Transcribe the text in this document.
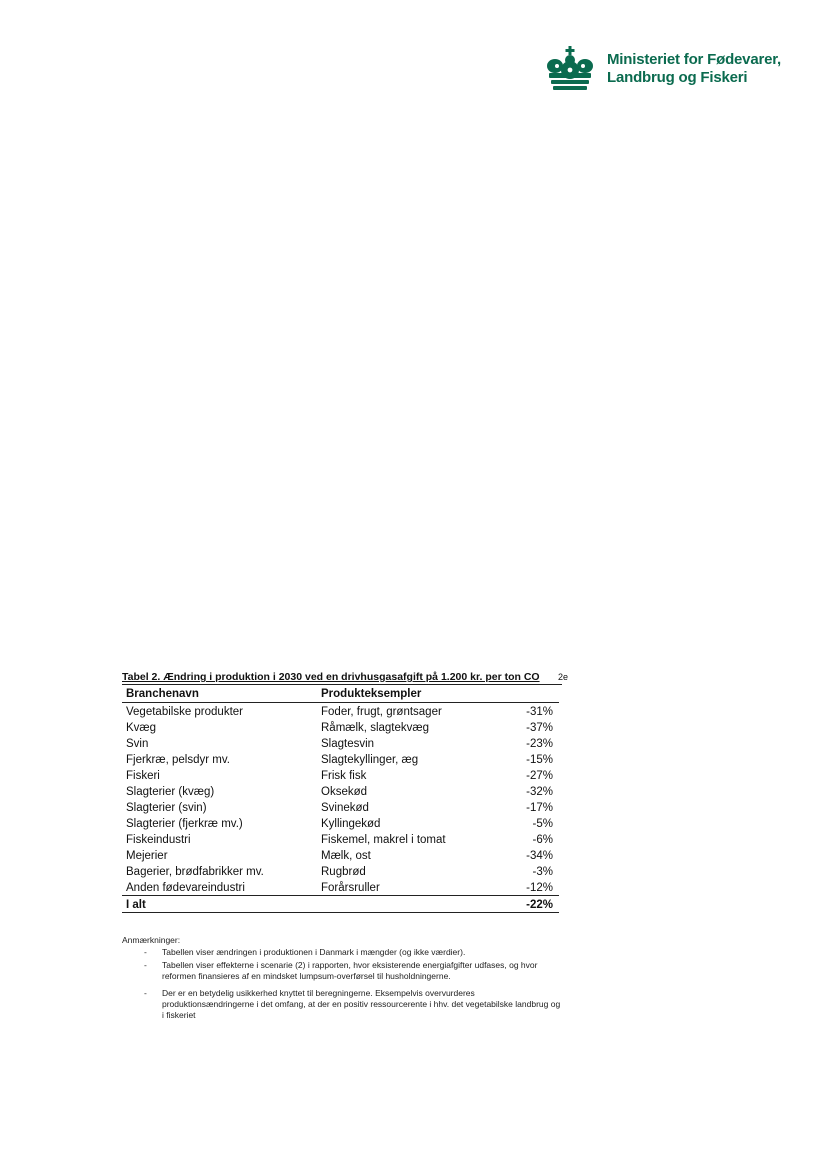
Ministeriet for Fødevarer,
Landbrug og Fiskeri
Tabel 2. Ændring i produktion i 2030 ved en drivhusgasafgift på 1.200 kr. per ton CO 2e
Branchenavn	Produkteksempler	
Vegetabilske produkter	Foder, frugt, grøntsager	-31%
Kvæg	Råmælk, slagtekvæg	-37%
Svin	Slagtesvin	-23%
Fjerkræ, pelsdyr mv.	Slagtekyllinger, æg	-15%
Fiskeri	Frisk fisk	-27%
Slagterier (kvæg)	Oksekød	-32%
Slagterier (svin)	Svinekød	-17%
Slagterier (fjerkræ mv.)	Kyllingekød	-5%
Fiskeindustri	Fiskemel, makrel i tomat	-6%
Mejerier	Mælk, ost	-34%
Bagerier, brødfabrikker mv.	Rugbrød	-3%
Anden fødevareindustri	Forårsruller	-12%
I alt		-22%
Anmærkninger:
- Tabellen viser ændringen i produktionen i Danmark i mængder (og ikke værdier).
- Tabellen viser effekterne i scenarie (2) i rapporten, hvor eksisterende energiafgifter udfases, og hvor reformen finansieres af en mindsket lumpsum-overførsel til husholdningerne.
- Der er en betydelig usikkerhed knyttet til beregningerne. Eksempelvis overvurderes produktionsændringerne i det omfang, at der en positiv ressourcerente i hhv. det vegetabilske landbrug og i fiskeriet
